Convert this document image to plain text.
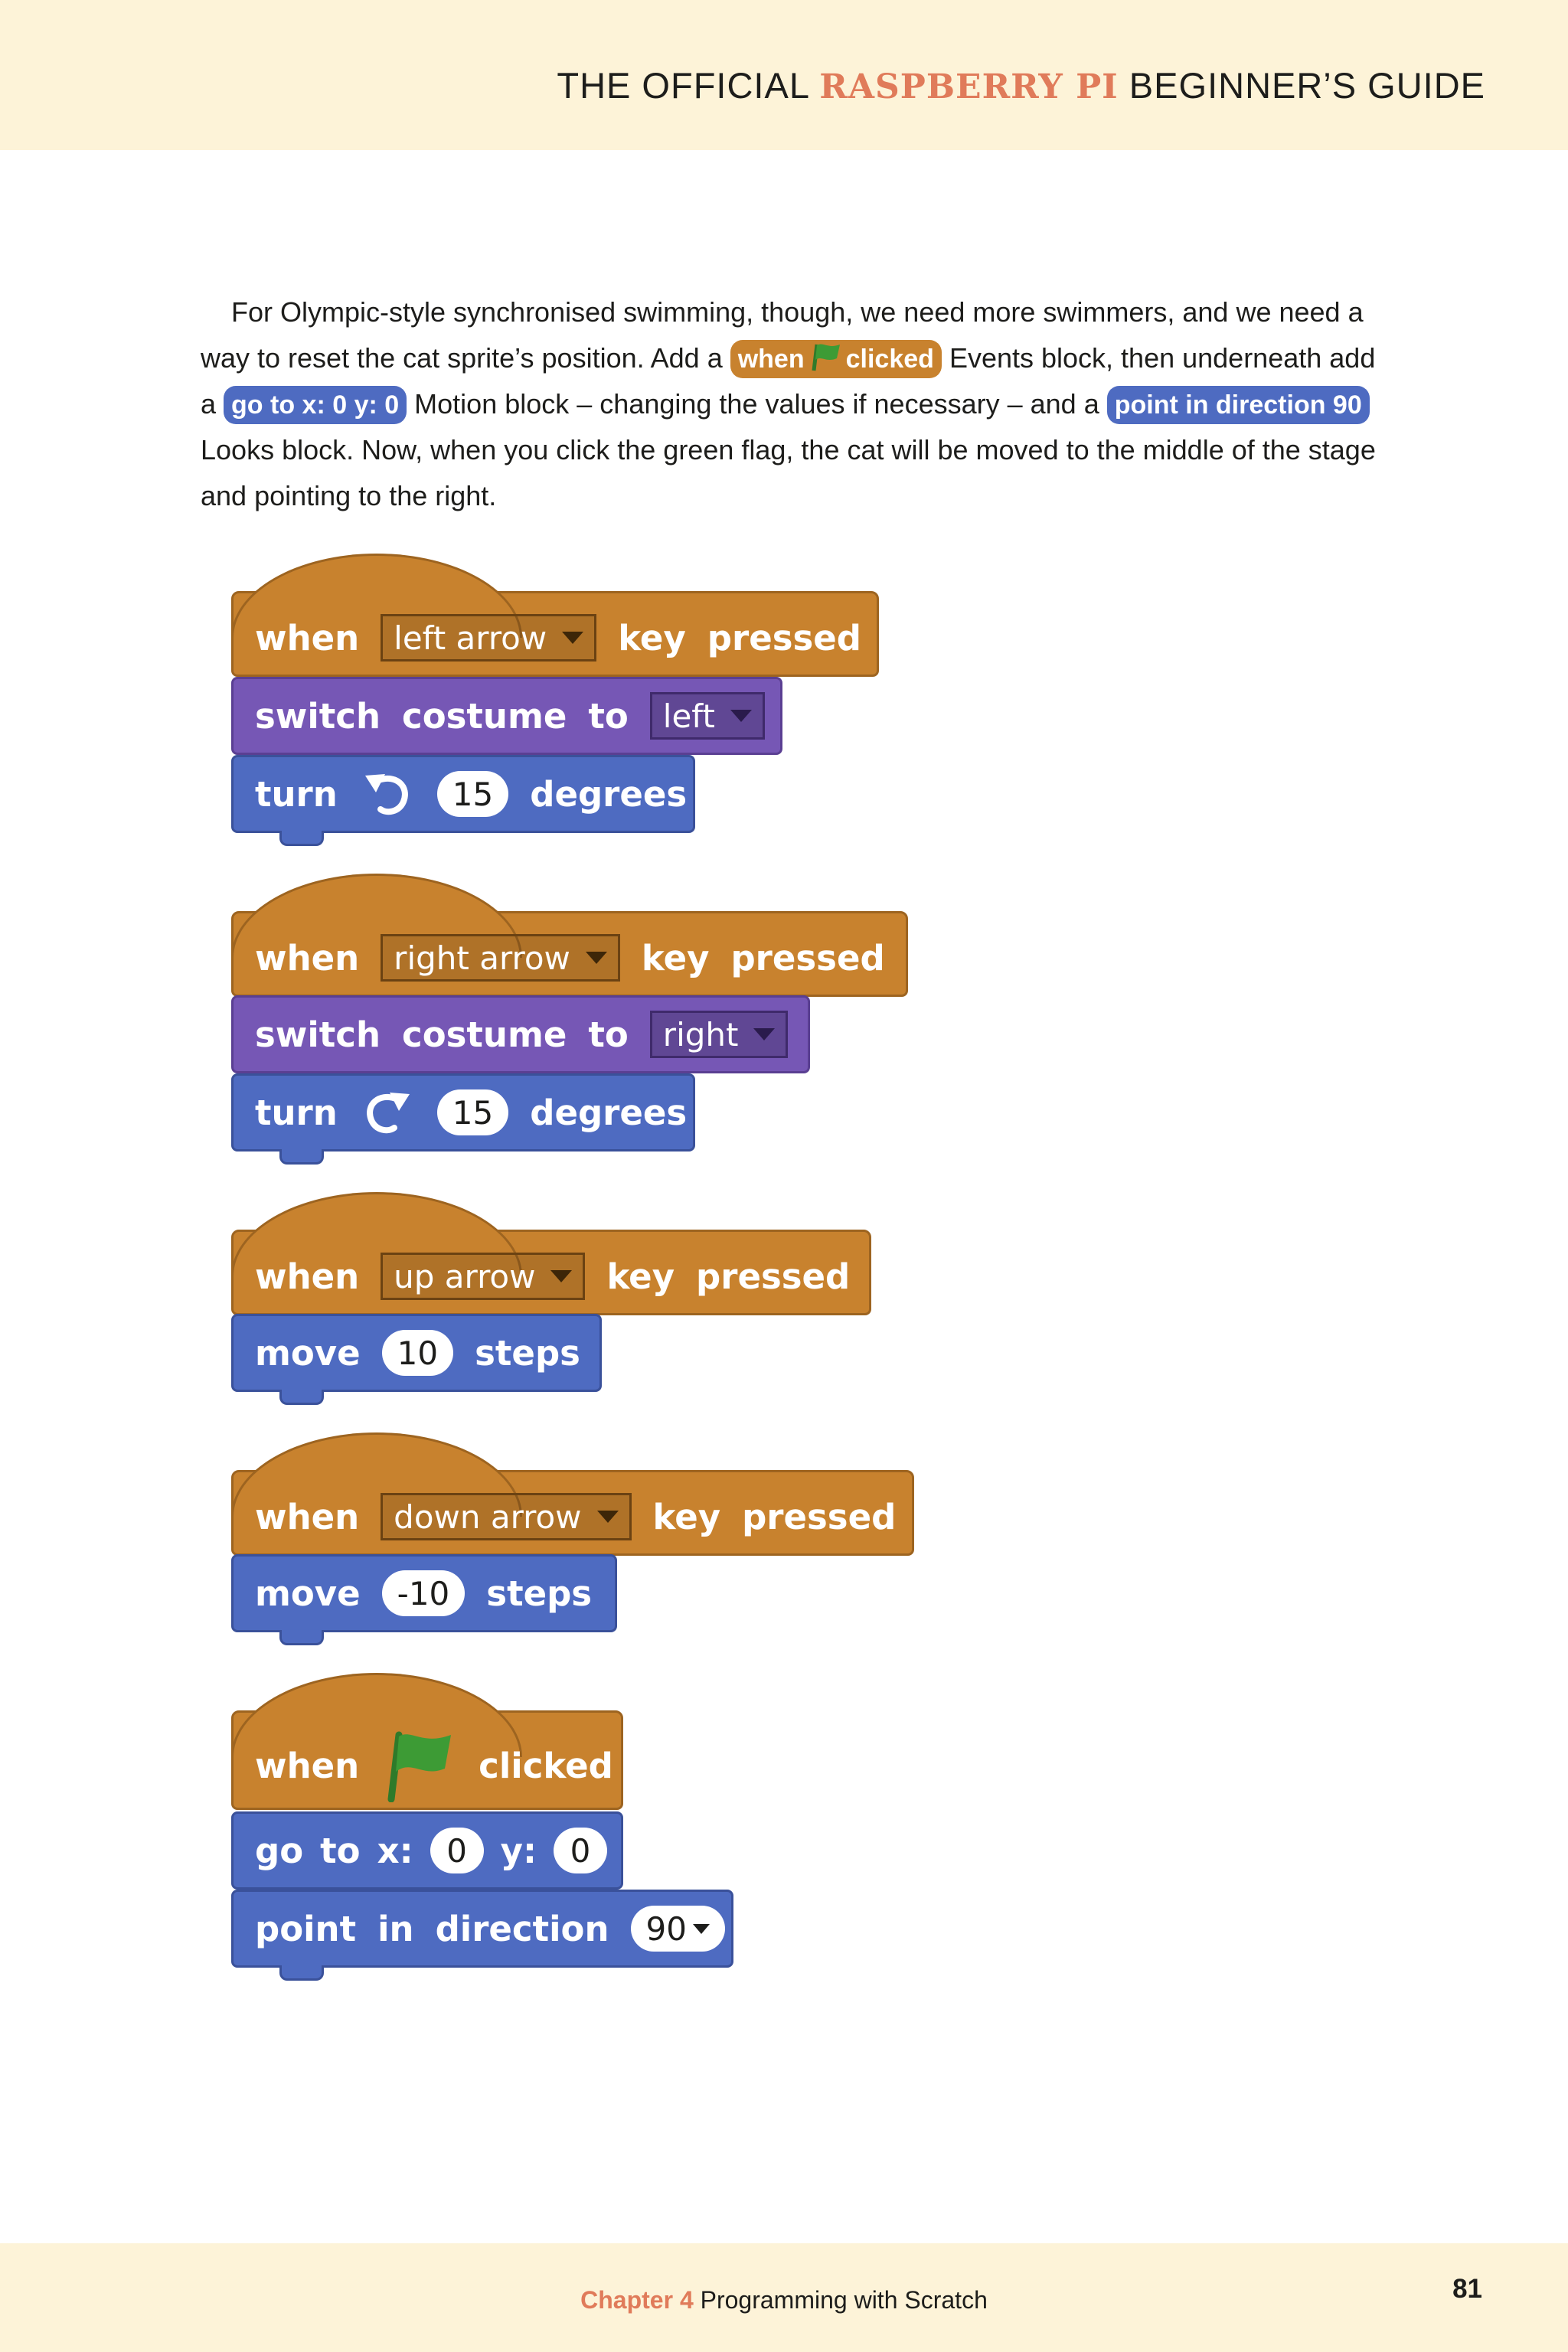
THE OFFICIAL RASPBERRY PI BEGINNER’S GUIDE

For Olympic-style synchronised swimming, though, we need more swimmers, and we need a way to reset the cat sprite’s position. Add a when clicked Events block, then underneath add a go to x: 0 y: 0 Motion block – changing the values if necessary – and a point in direction 90 Looks block. Now, when you click the green flag, the cat will be moved to the middle of the stage and pointing to the right.

when left arrow key pressed
switch costume to left
turn	15	degrees
when right arrow key pressed
switch costume to right
turn	15	degrees
when up arrow key pressed
move	10	steps
when down arrow key pressed
move	-10	steps
when	clicked
go to x:	0 y:	0
point in direction 90
Chapter 4 Programming with Scratch	81
